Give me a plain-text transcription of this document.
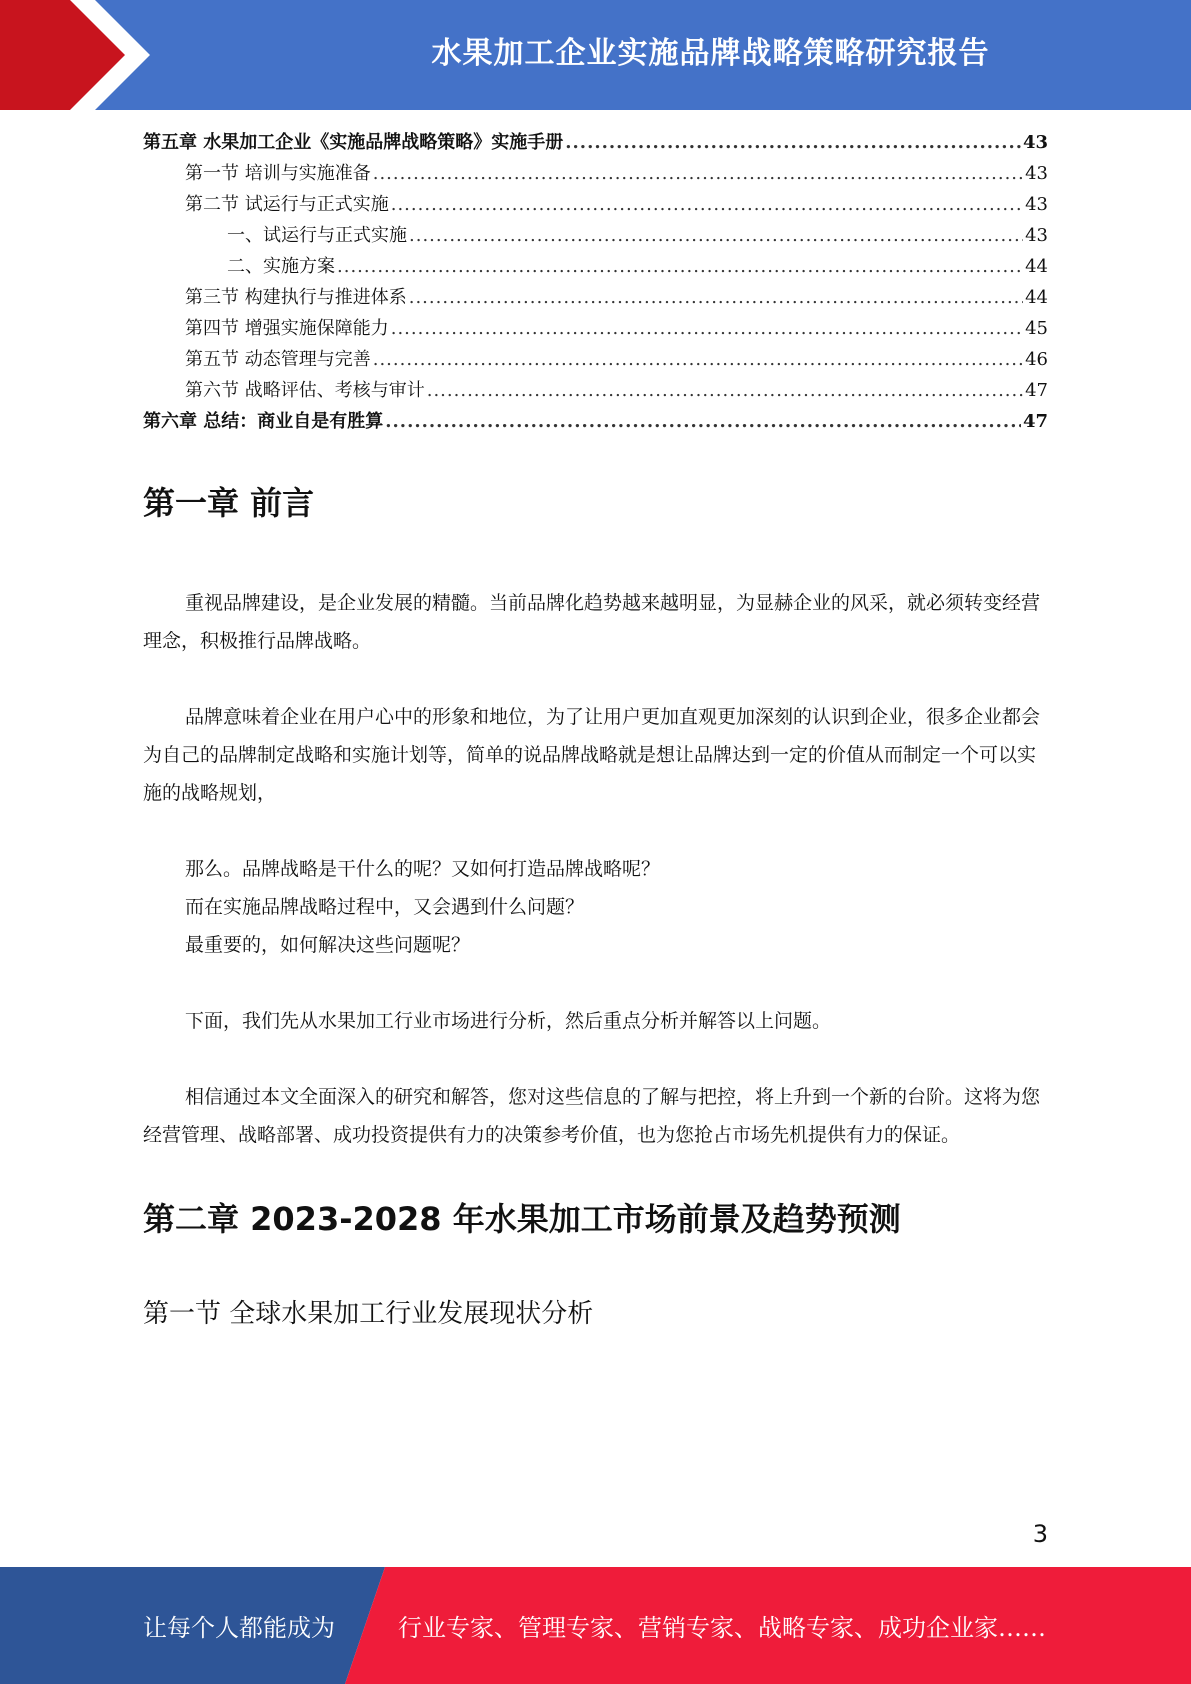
水果加工企业实施品牌战略策略研究报告
第五章 水果加工企业《实施品牌战略策略》实施手册 .....	43
第一节 培训与实施准备 .....	43
第二节 试运行与正式实施 .....	43
一、试运行与正式实施 .....	43
二、实施方案 .....	44
第三节 构建执行与推进体系 .....	44
第四节 增强实施保障能力 .....	45
第五节 动态管理与完善 .....	46
第六节 战略评估、考核与审计 .....	47
第六章 总结：商业自是有胜算 .....	47
第一章 前言

重视品牌建设，是企业发展的精髓。当前品牌化趋势越来越明显，为显赫企业的风采，就必须转变经营理念，积极推行品牌战略。

品牌意味着企业在用户心中的形象和地位，为了让用户更加直观更加深刻的认识到企业，很多企业都会为自己的品牌制定战略和实施计划等，简单的说品牌战略就是想让品牌达到一定的价值从而制定一个可以实施的战略规划，

那么。品牌战略是干什么的呢？又如何打造品牌战略呢？

而在实施品牌战略过程中，又会遇到什么问题？

最重要的，如何解决这些问题呢？

下面，我们先从水果加工行业市场进行分析，然后重点分析并解答以上问题。

相信通过本文全面深入的研究和解答，您对这些信息的了解与把控，将上升到一个新的台阶。这将为您经营管理、战略部署、成功投资提供有力的决策参考价值，也为您抢占市场先机提供有力的保证。

第二章 2023-2028 年水果加工市场前景及趋势预测
第一节 全球水果加工行业发展现状分析
3
让每个人都能成为	行业专家、管理专家、营销专家、战略专家、成功企业家……
